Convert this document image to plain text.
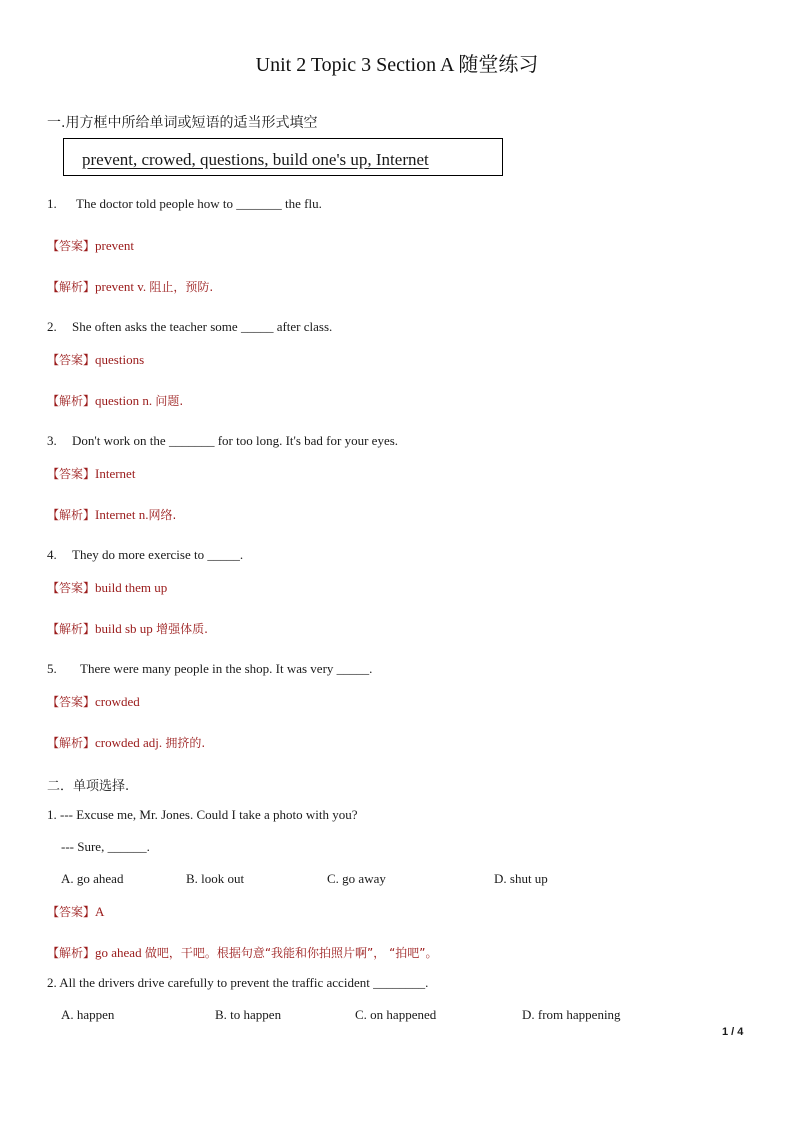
Unit 2 Topic 3 Section A 随堂练习
一.用方框中所给单词或短语的适当形式填空
prevent, crowed, questions, build one's up, Internet
1. The doctor told people how to _______ the flu.
【答案】prevent
【解析】prevent v. 阻止，预防.
2. She often asks the teacher some _____ after class.
【答案】questions
【解析】question n. 问题.
3. Don't work on the _______ for too long. It's bad for your eyes.
【答案】Internet
【解析】Internet n.网络.
4. They do more exercise to _____.
【答案】build them up
【解析】build sb up 增强体质.
5. There were many people in the shop. It was very _____.
【答案】crowded
【解析】crowded adj. 拥挤的.
二．单项选择.
1. --- Excuse me, Mr. Jones. Could I take a photo with you?
--- Sure, ______.
A. go ahead	B. look out	C. go away	D. shut up
【答案】A
【解析】go ahead 做吧，干吧。根据句意“我能和你拍照片啊”， “拍吧”。
2. All the drivers drive carefully to prevent the traffic accident ________.
A. happen	B. to happen	C. on happened	D. from happening
1 / 4
